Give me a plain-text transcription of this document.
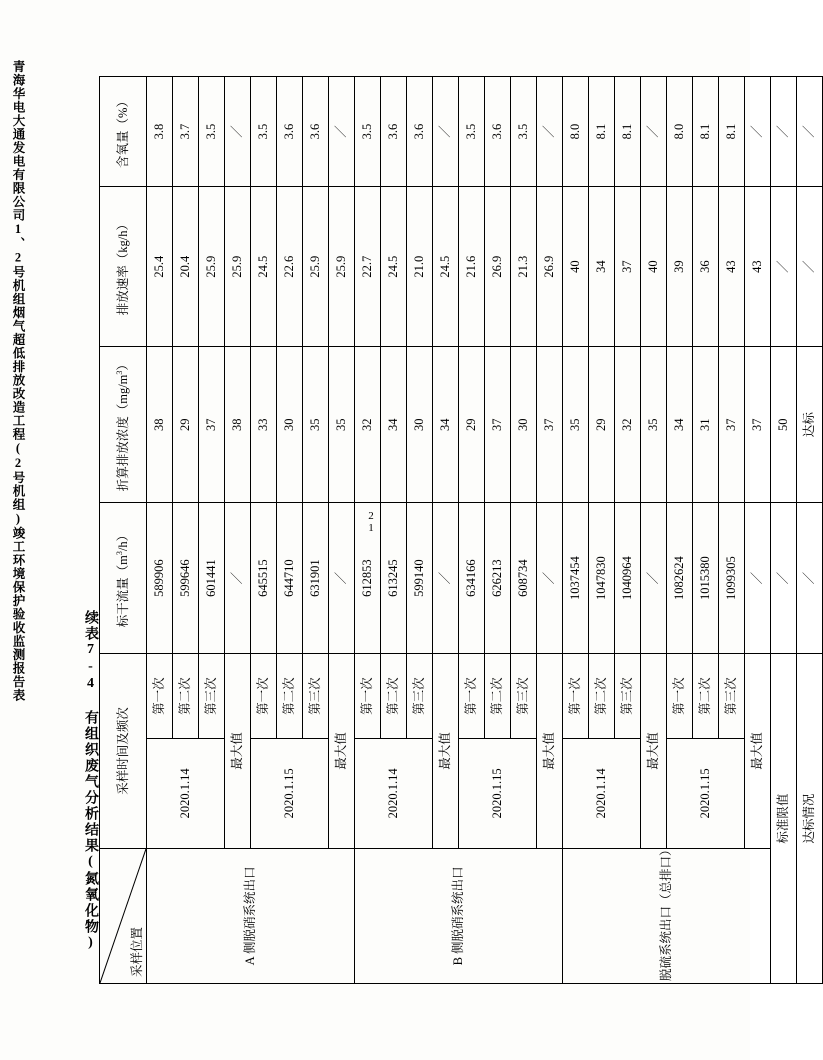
青海华电大通发电有限公司1、2号机组烟气超低排放改造工程(2号机组)竣工环境保护验收监测报告表	21
续表7-4 有组织废气分析结果(氮氧化物)	采样位置	采样时间及频次		标干流量$(m^3/h)$	折算排放浓度$(mg/m^3)$	排放速率（kg/h）	含氧量（%）
A 侧脱硝系统出口	2020.1.14	第一次	589906	38	25.4	3.8
		第二次	599646	29	20.4	3.7
		第三次	601441	37	25.9	3.5
	最大值		／	38	25.9	／
	2020.1.15	第一次	645515	33	24.5	3.5
		第二次	644710	30	22.6	3.6
		第三次	631901	35	25.9	3.6
	最大值		／	35	25.9	／
B 侧脱硝系统出口	2020.1.14	第一次	612853	32	22.7	3.5
		第二次	613245	34	24.5	3.6
		第三次	599140	30	21.0	3.6
	最大值		／	34	24.5	／
	2020.1.15	第一次	634166	29	21.6	3.5
		第二次	626213	37	26.9	3.6
		第三次	608734	30	21.3	3.5
	最大值		／	37	26.9	／
脱硫系统出口（总排口）	2020.1.14	第一次	1037454	35	40	8.0
		第二次	1047830	29	34	8.1
		第三次	1040964	32	37	8.1
	最大值		／	35	40	／
	2020.1.15	第一次	1082624	34	39	8.0
		第二次	1015380	31	36	8.1
		第三次	1099305	37	43	8.1
	最大值		／	37	43	／
标准限值			／	50	／	／
达标情况			／	达标	／	／
